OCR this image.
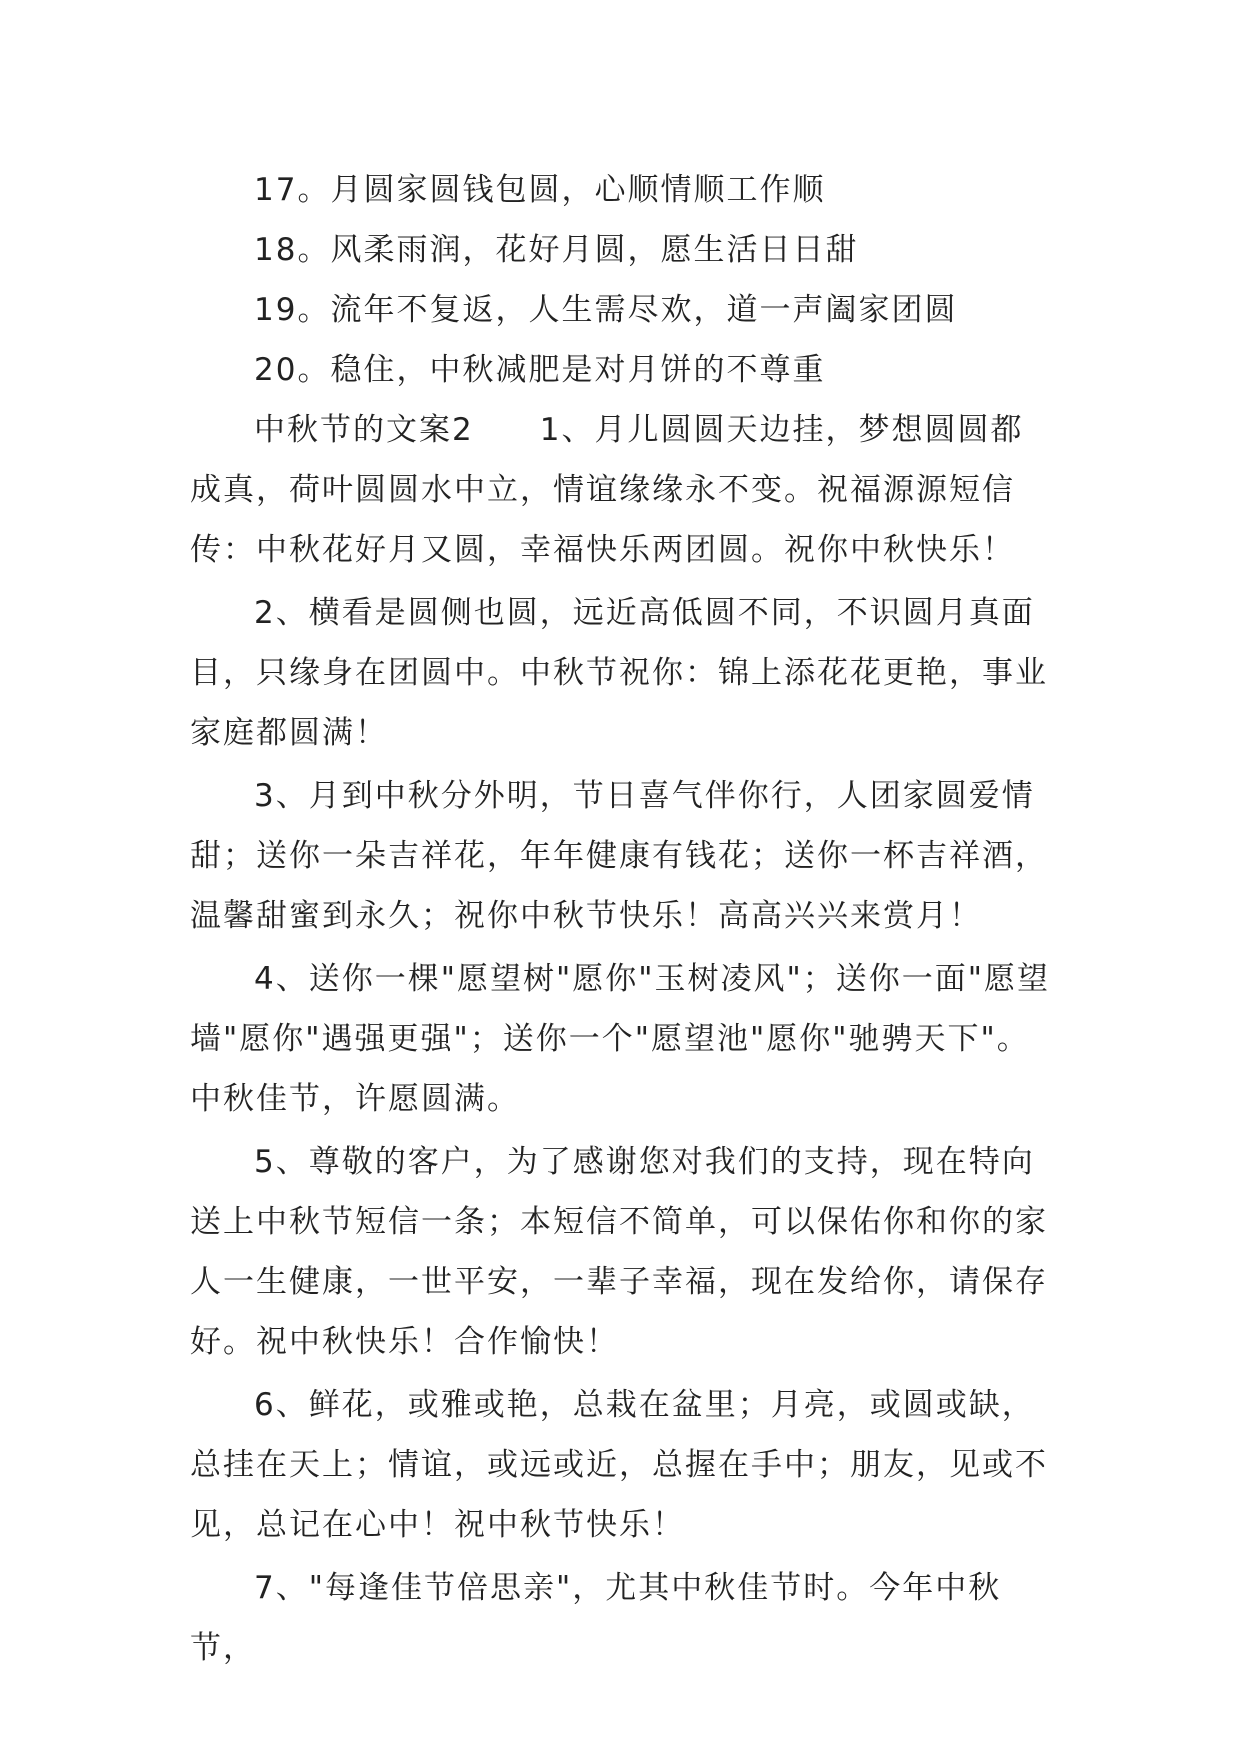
17。月圆家圆钱包圆，心顺情顺工作顺

18。风柔雨润，花好月圆，愿生活日日甜

19。流年不复返，人生需尽欢，道一声阖家团圆

20。稳住，中秋减肥是对月饼的不尊重

中秋节的文案2　　1、月儿圆圆天边挂，梦想圆圆都成真，荷叶圆圆水中立，情谊缘缘永不变。祝福源源短信传：中秋花好月又圆，幸福快乐两团圆。祝你中秋快乐！

2、横看是圆侧也圆，远近高低圆不同，不识圆月真面目，只缘身在团圆中。中秋节祝你：锦上添花花更艳，事业家庭都圆满！

3、月到中秋分外明，节日喜气伴你行，人团家圆爱情甜；送你一朵吉祥花，年年健康有钱花；送你一杯吉祥酒，温馨甜蜜到永久；祝你中秋节快乐！高高兴兴来赏月！

4、送你一棵"愿望树"愿你"玉树凌风"；送你一面"愿望墙"愿你"遇强更强"；送你一个"愿望池"愿你"驰骋天下"。中秋佳节，许愿圆满。

5、尊敬的客户，为了感谢您对我们的支持，现在特向送上中秋节短信一条；本短信不简单，可以保佑你和你的家人一生健康，一世平安，一辈子幸福，现在发给你，请保存好。祝中秋快乐！合作愉快！

6、鲜花，或雅或艳，总栽在盆里；月亮，或圆或缺，总挂在天上；情谊，或远或近，总握在手中；朋友，见或不见，总记在心中！祝中秋节快乐！

7、"每逢佳节倍思亲"，尤其中秋佳节时。今年中秋节，
